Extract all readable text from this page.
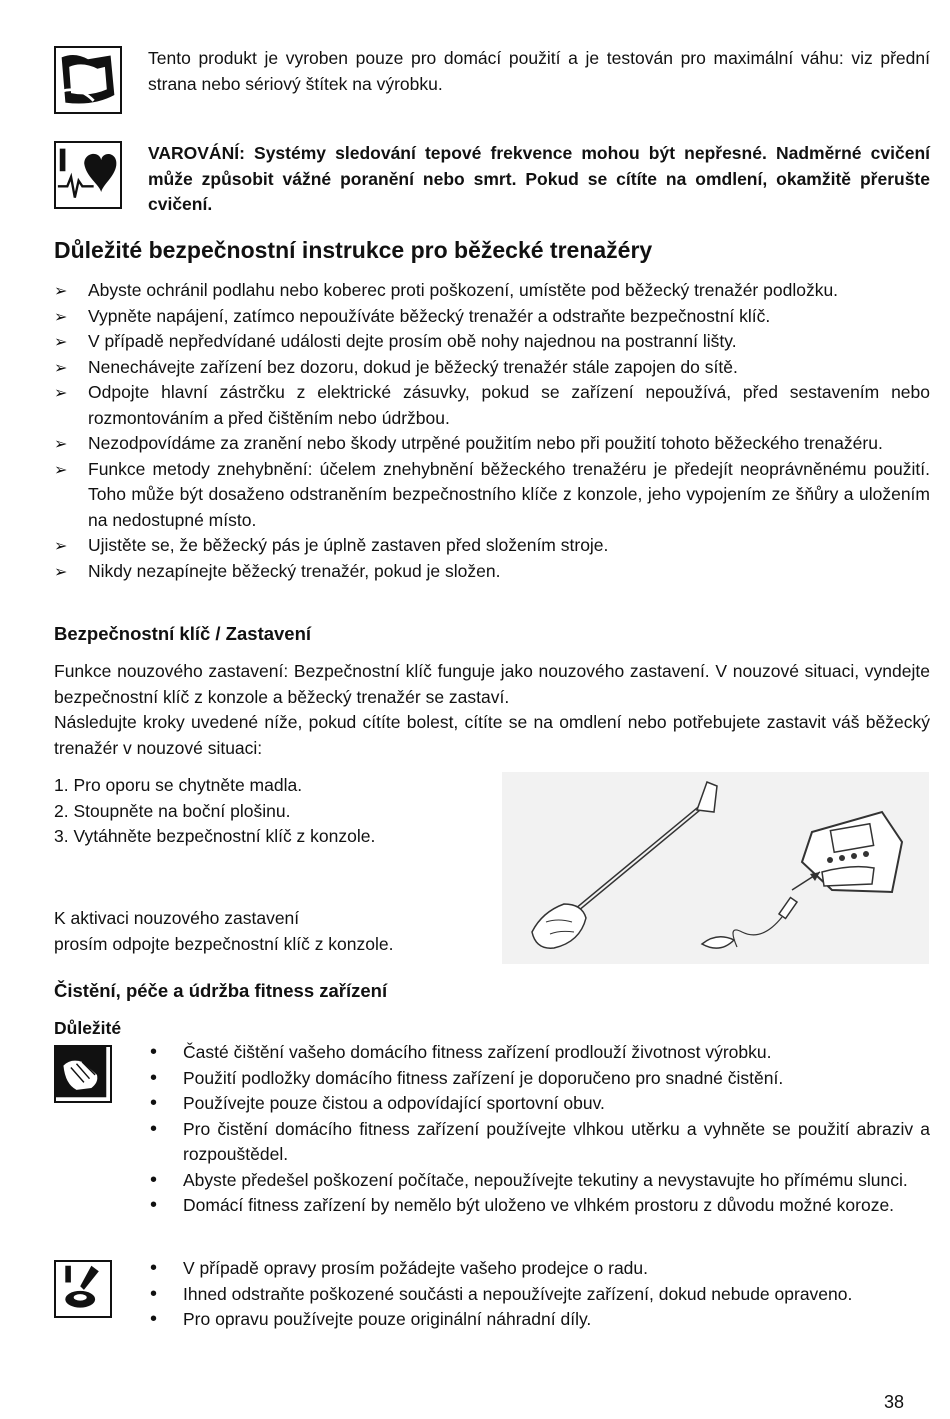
Tento produkt je vyroben pouze pro domácí použití a je testován pro maximální váhu: viz přední strana nebo sériový štítek na výrobku.
VAROVÁNÍ: Systémy sledování tepové frekvence mohou být nepřesné. Nadměrné cvičení může způsobit vážné poranění nebo smrt. Pokud se cítíte na omdlení, okamžitě přerušte cvičení.
Důležité bezpečnostní instrukce pro běžecké trenažéry
➢ Abyste ochránil podlahu nebo koberec proti poškození, umístěte pod běžecký trenažér podložku.
➢ Vypněte napájení, zatímco nepoužíváte běžecký trenažér a odstraňte bezpečnostní klíč.
➢ V případě nepředvídané události dejte prosím obě nohy najednou na postranní lišty.
➢ Nenechávejte zařízení bez dozoru, dokud je běžecký trenažér stále zapojen do sítě.
➢ Odpojte hlavní zástrčku z elektrické zásuvky, pokud se zařízení nepoužívá, před sestavením nebo rozmontováním a před čištěním nebo údržbou.
➢ Nezodpovídáme za zranění nebo škody utrpěné použitím nebo při použití tohoto běžeckého trenažéru.
➢ Funkce metody znehybnění: účelem znehybnění běžeckého trenažéru je předejít neoprávněnému použití. Toho může být dosaženo odstraněním bezpečnostního klíče z konzole, jeho vypojením ze šňůry a uložením na nedostupné místo.
➢ Ujistěte se, že běžecký pás je úplně zastaven před složením stroje.
➢ Nikdy nezapínejte běžecký trenažér, pokud je složen.
Bezpečnostní klíč / Zastavení

Funkce nouzového zastavení: Bezpečnostní klíč funguje jako nouzového zastavení. V nouzové situaci, vyndejte bezpečnostní klíč z konzole a běžecký trenažér se zastaví.

Následujte kroky uvedené níže, pokud cítíte bolest, cítíte se na omdlení nebo potřebujete zastavit váš běžecký trenažér v nouzové situaci:

1. Pro oporu se chytněte madla.
2. Stoupněte na boční plošinu.
3. Vytáhněte bezpečnostní klíč z konzole.
K aktivaci nouzového zastavení
prosím odpojte bezpečnostní klíč z konzole.
Čistění, péče a údržba fitness zařízení
Důležité
• Časté čištění vašeho domácího fitness zařízení prodlouží životnost výrobku.
• Použití podložky domácího fitness zařízení je doporučeno pro snadné čistění.
• Používejte pouze čistou a odpovídající sportovní obuv.
• Pro čistění domácího fitness zařízení používejte vlhkou utěrku a vyhněte se použití abraziv a rozpouštědel.
• Abyste předešel poškození počítače, nepoužívejte tekutiny a nevystavujte ho přímému slunci.
• Domácí fitness zařízení by nemělo být uloženo ve vlhkém prostoru z důvodu možné koroze.
• V případě opravy prosím požádejte vašeho prodejce o radu.
• Ihned odstraňte poškozené součásti a nepoužívejte zařízení, dokud nebude opraveno.
• Pro opravu používejte pouze originální náhradní díly.
38
